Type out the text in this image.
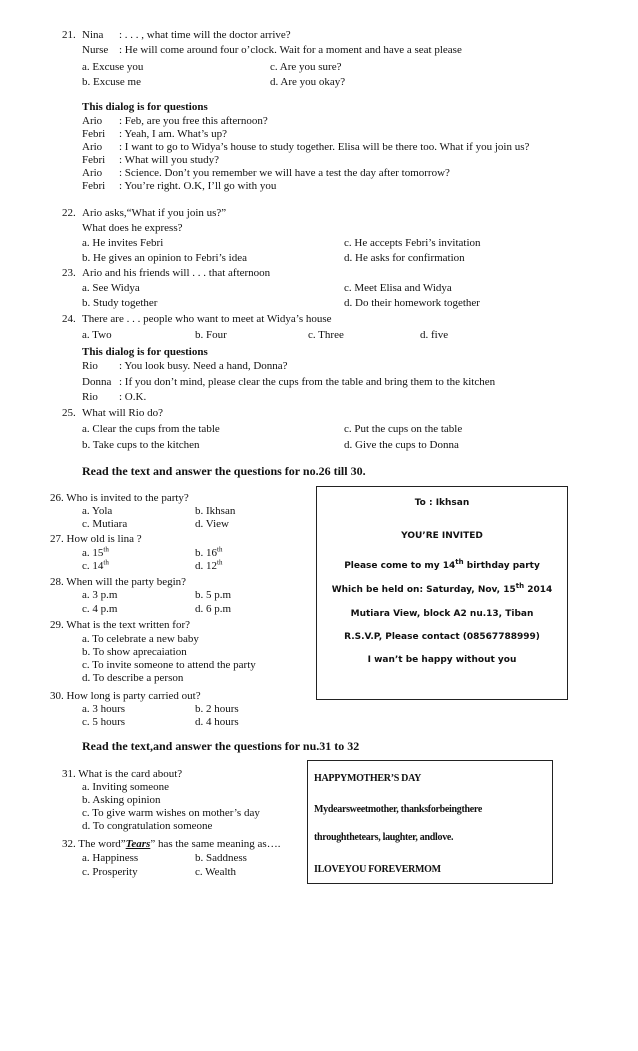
21. Nina : . . . , what time will the doctor arrive?
Nurse : He will come around four o’clock. Wait for a moment and have a seat please
a. Excuse you	c. Are you sure?
b. Excuse me	d. Are you okay?
This dialog is for questions
Ario : Feb, are you free this afternoon?
Febri : Yeah, I am. What’s up?
Ario : I want to go to Widya’s house to study together. Elisa will be there too. What if you join us?
Febri : What will you study?
Ario : Science. Don’t you remember we will have a test the day after tomorrow?
Febri : You’re right. O.K, I’ll go with you
22. Ario asks,“What if you join us?”
What does he express?
a. He invites Febri	c. He accepts Febri’s invitation
b. He gives an opinion to Febri’s idea	d. He asks for confirmation
23. Ario and his friends will . . . that afternoon
a. See Widya	c. Meet Elisa and Widya
b. Study together	d. Do their homework together
24. There are . . . people who want to meet at Widya’s house
a. Two	b. Four	c. Three	d. five
This dialog is for questions
Rio : You look busy. Need a hand, Donna?
Donna : If you don’t mind, please clear the cups from the table and bring them to the kitchen
Rio : O.K.
25. What will Rio do?
a. Clear the cups from the table	c. Put the cups on the table
b. Take cups to the kitchen	d. Give the cups to Donna
Read the text and answer the questions for no.26 till 30.
26. Who is invited to the party?
a. Yola	b. Ikhsan
c. Mutiara	d. View
27. How old is lina ?
a. 15th	b. 16th
c. 14th	d. 12th
28. When will the party begin?
a. 3 p.m	b. 5 p.m
c. 4 p.m	d. 6 p.m
29. What is the text written for?
a. To celebrate a new baby
b. To show aprecaiation
c. To invite someone to attend the party
d. To describe a person
30. How long is party carried out?
a. 3 hours	b. 2 hours
c. 5 hours	d. 4 hours
To : Ikhsan
YOU’RE INVITED
Please come to my 14th birthday party
Which be held on: Saturday, Nov, 15th 2014
Mutiara View, block A2 nu.13, Tiban
R.S.V.P, Please contact (08567788999)
I wan’t be happy without you
Read the text,and answer the questions for nu.31 to 32
31. What is the card about?
a. Inviting someone
b. Asking opinion
c. To give warm wishes on mother’s day
d. To congratulation someone
32. The word”Tears” has the same meaning as….
a. Happiness	b. Saddness
c. Prosperity	c. Wealth
HAPPYMOTHER’S DAY
Mydearsweetmother, thanksforbeingthere
throughthetears, laughter, andlove.
ILOVEYOU FOREVERMOM
